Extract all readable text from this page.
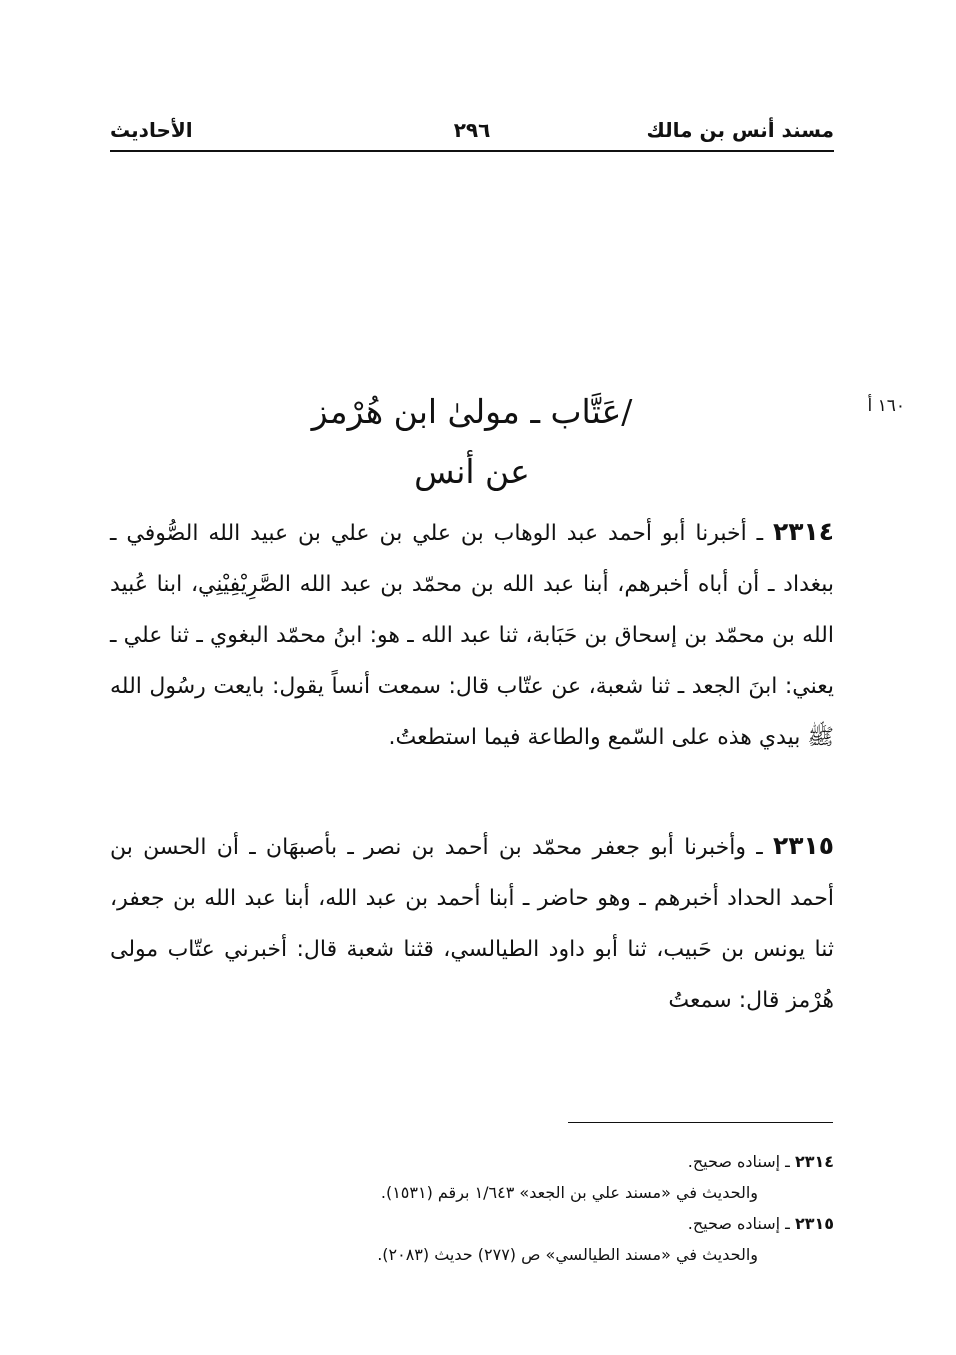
مسند أنس بن مالك
٢٩٦
الأحاديث
١٦٠ أ
/عَتَّاب ـ مولىٰ ابن هُرْمز
عن أنس
٢٣١٤ ـ أخبرنا أبو أحمد عبد الوهاب بن علي بن علي بن عبيد الله الصُّوفي ـ ببغداد ـ أن أباه أخبرهم، أبنا عبد الله بن محمّد بن عبد الله الصَّرِيْفِيْنِي، ابنا عُبيد الله بن محمّد بن إسحاق بن حَبَابة، ثنا عبد الله ـ هو: ابنُ محمّد البغوي ـ ثنا علي ـ يعني: ابنَ الجعد ـ ثنا شعبة، عن عتّاب قال: سمعت أنساً يقول: بايعت رسُول الله ﷺ بيدي هذه على السّمع والطاعة فيما استطعتُ.
٢٣١٥ ـ وأخبرنا أبو جعفر محمّد بن أحمد بن نصر ـ بأصبهَان ـ أن الحسن بن أحمد الحداد أخبرهم ـ وهو حاضر ـ أبنا أحمد بن عبد الله، أبنا عبد الله بن جعفر، ثنا يونس بن حَبيب، ثنا أبو داود الطيالسي، قثنا شعبة قال: أخبرني عتّاب مولى هُرْمز قال: سمعتُ
٢٣١٤ ـ إسناده صحيح.
والحديث في «مسند علي بن الجعد» ١/٦٤٣ برقم (١٥٣١).
٢٣١٥ ـ إسناده صحيح.
والحديث في «مسند الطيالسي» ص (٢٧٧) حديث (٢٠٨٣).
